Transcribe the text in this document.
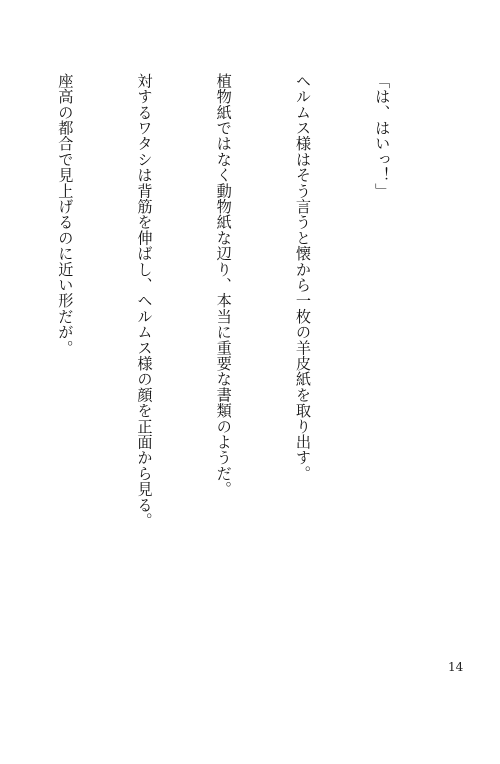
「は、はいっ！」

ヘルムス様はそう言うと懐から一枚の羊皮紙を取り出す。

植物紙ではなく動物紙な辺り、本当に重要な書類のようだ。

対するワタシは背筋を伸ばし、ヘルムス様の顔を正面から見る。

座高の都合で見上げるのに近い形だが。

14
